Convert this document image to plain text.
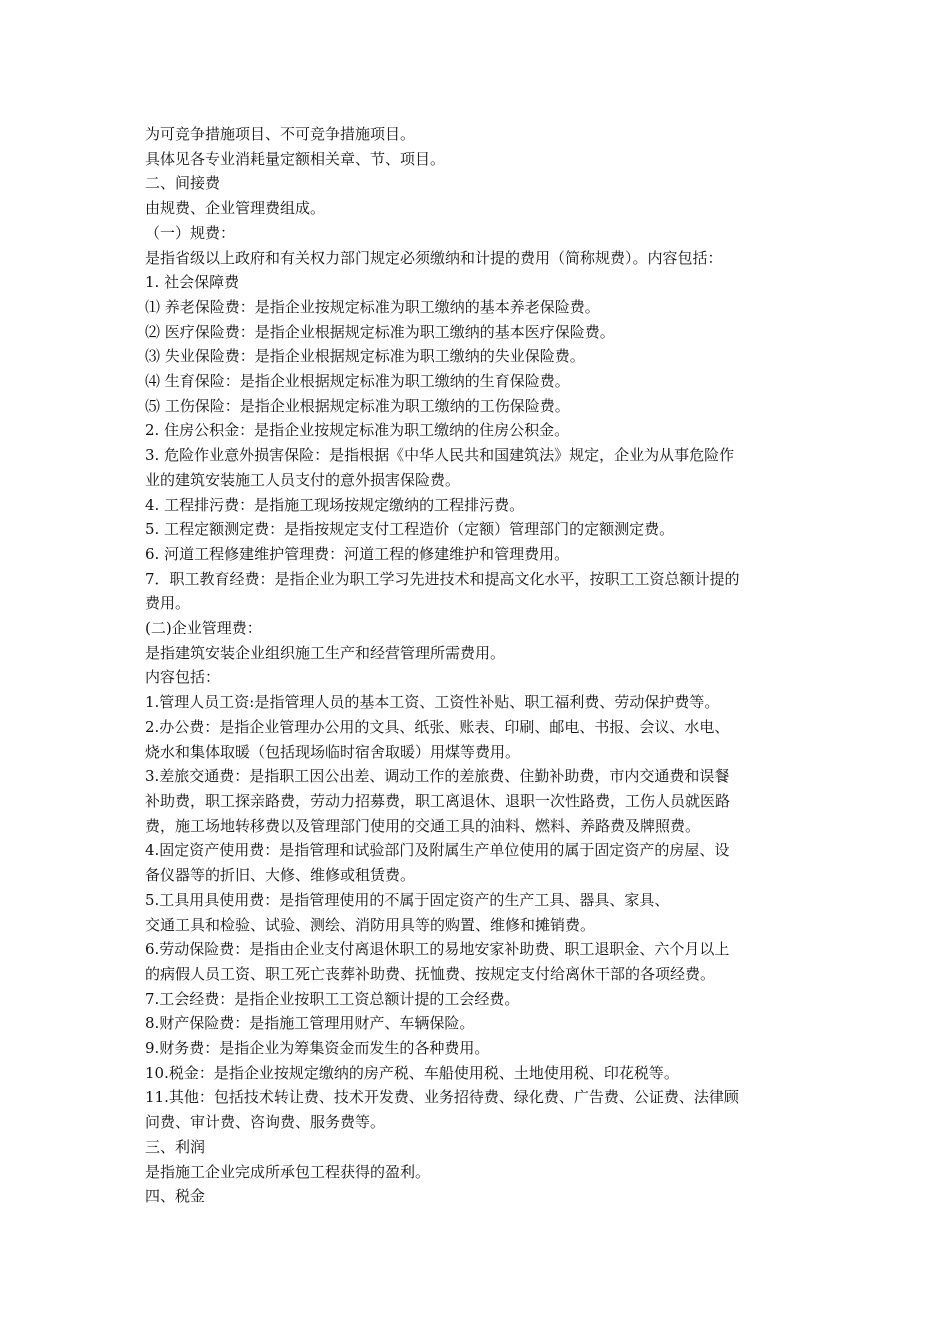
为可竞争措施项目、不可竞争措施项目。

具体见各专业消耗量定额相关章、节、项目。

二、间接费

由规费、企业管理费组成。

（一）规费：

是指省级以上政府和有关权力部门规定必须缴纳和计提的费用（简称规费）。内容包括：

1. 社会保障费

⑴ 养老保险费：是指企业按规定标准为职工缴纳的基本养老保险费。

⑵ 医疗保险费：是指企业根据规定标准为职工缴纳的基本医疗保险费。

⑶ 失业保险费：是指企业根据规定标准为职工缴纳的失业保险费。

⑷ 生育保险：是指企业根据规定标准为职工缴纳的生育保险费。

⑸ 工伤保险：是指企业根据规定标准为职工缴纳的工伤保险费。

2. 住房公积金：是指企业按规定标准为职工缴纳的住房公积金。

3. 危险作业意外损害保险：是指根据《中华人民共和国建筑法》规定，企业为从事危险作

业的建筑安装施工人员支付的意外损害保险费。

4. 工程排污费：是指施工现场按规定缴纳的工程排污费。

5. 工程定额测定费：是指按规定支付工程造价（定额）管理部门的定额测定费。

6. 河道工程修建维护管理费：河道工程的修建维护和管理费用。

7．职工教育经费：是指企业为职工学习先进技术和提高文化水平，按职工工资总额计提的

费用。

(二)企业管理费：

是指建筑安装企业组织施工生产和经营管理所需费用。

内容包括：

1.管理人员工资:是指管理人员的基本工资、工资性补贴、职工福利费、劳动保护费等。

2.办公费：是指企业管理办公用的文具、纸张、账表、印刷、邮电、书报、会议、水电、

烧水和集体取暖（包括现场临时宿舍取暖）用煤等费用。

3.差旅交通费：是指职工因公出差、调动工作的差旅费、住勤补助费，市内交通费和误餐

补助费，职工探亲路费，劳动力招募费，职工离退休、退职一次性路费，工伤人员就医路

费，施工场地转移费以及管理部门使用的交通工具的油料、燃料、养路费及牌照费。

4.固定资产使用费：是指管理和试验部门及附属生产单位使用的属于固定资产的房屋、设

备仪器等的折旧、大修、维修或租赁费。

5.工具用具使用费：是指管理使用的不属于固定资产的生产工具、器具、家具、

交通工具和检验、试验、测绘、消防用具等的购置、维修和摊销费。

6.劳动保险费：是指由企业支付离退休职工的易地安家补助费、职工退职金、六个月以上

的病假人员工资、职工死亡丧葬补助费、抚恤费、按规定支付给离休干部的各项经费。

7.工会经费：是指企业按职工工资总额计提的工会经费。

8.财产保险费：是指施工管理用财产、车辆保险。

9.财务费：是指企业为筹集资金而发生的各种费用。

10.税金：是指企业按规定缴纳的房产税、车船使用税、土地使用税、印花税等。

11.其他：包括技术转让费、技术开发费、业务招待费、绿化费、广告费、公证费、法律顾

问费、审计费、咨询费、服务费等。

三、利润

是指施工企业完成所承包工程获得的盈利。

四、税金
